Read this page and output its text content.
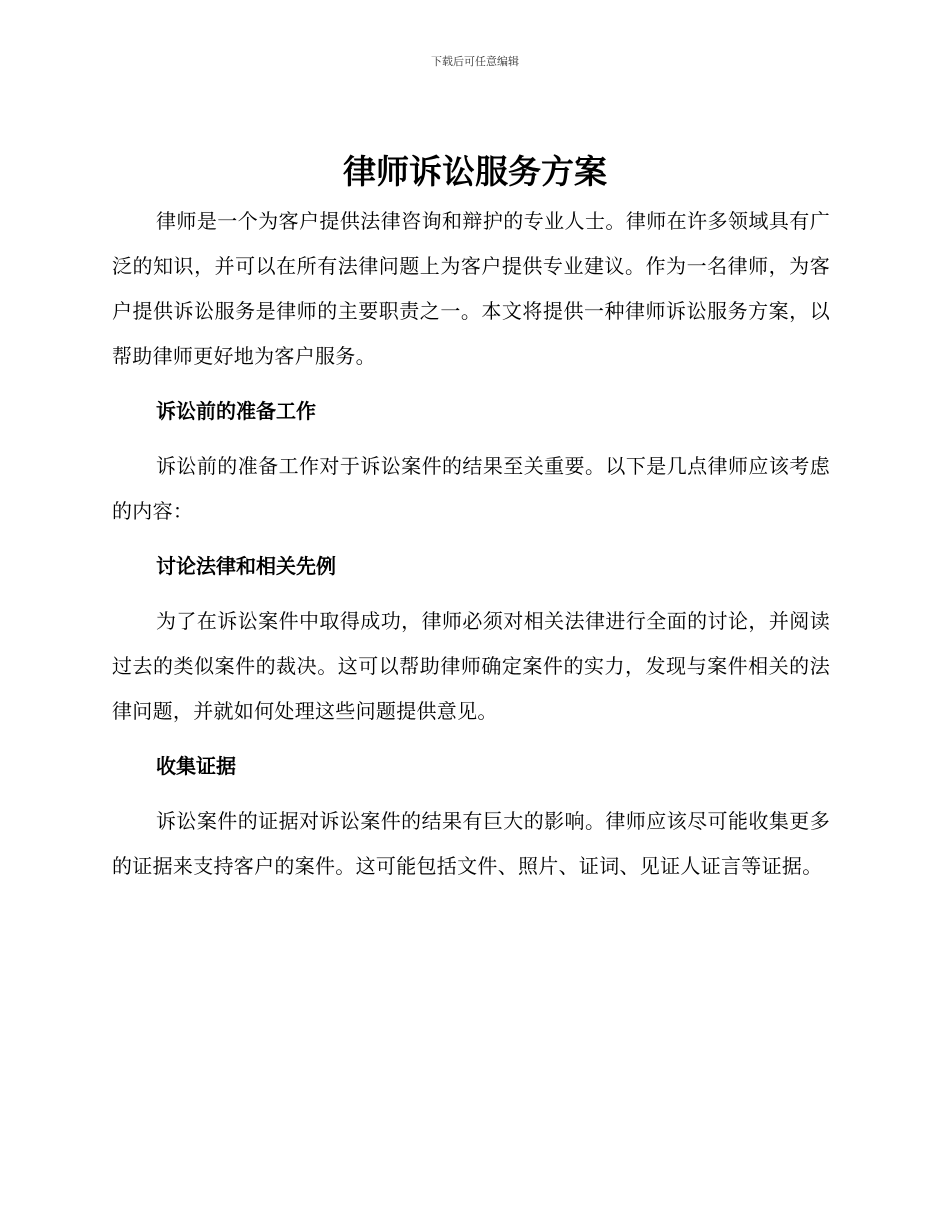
下载后可任意编辑
律师诉讼服务方案

律师是一个为客户提供法律咨询和辩护的专业人士。律师在许多领域具有广泛的知识，并可以在所有法律问题上为客户提供专业建议。作为一名律师，为客户提供诉讼服务是律师的主要职责之一。本文将提供一种律师诉讼服务方案，以帮助律师更好地为客户服务。

诉讼前的准备工作

诉讼前的准备工作对于诉讼案件的结果至关重要。以下是几点律师应该考虑的内容：

讨论法律和相关先例

为了在诉讼案件中取得成功，律师必须对相关法律进行全面的讨论，并阅读过去的类似案件的裁决。这可以帮助律师确定案件的实力，发现与案件相关的法律问题，并就如何处理这些问题提供意见。

收集证据

诉讼案件的证据对诉讼案件的结果有巨大的影响。律师应该尽可能收集更多的证据来支持客户的案件。这可能包括文件、照片、证词、见证人证言等证据。
